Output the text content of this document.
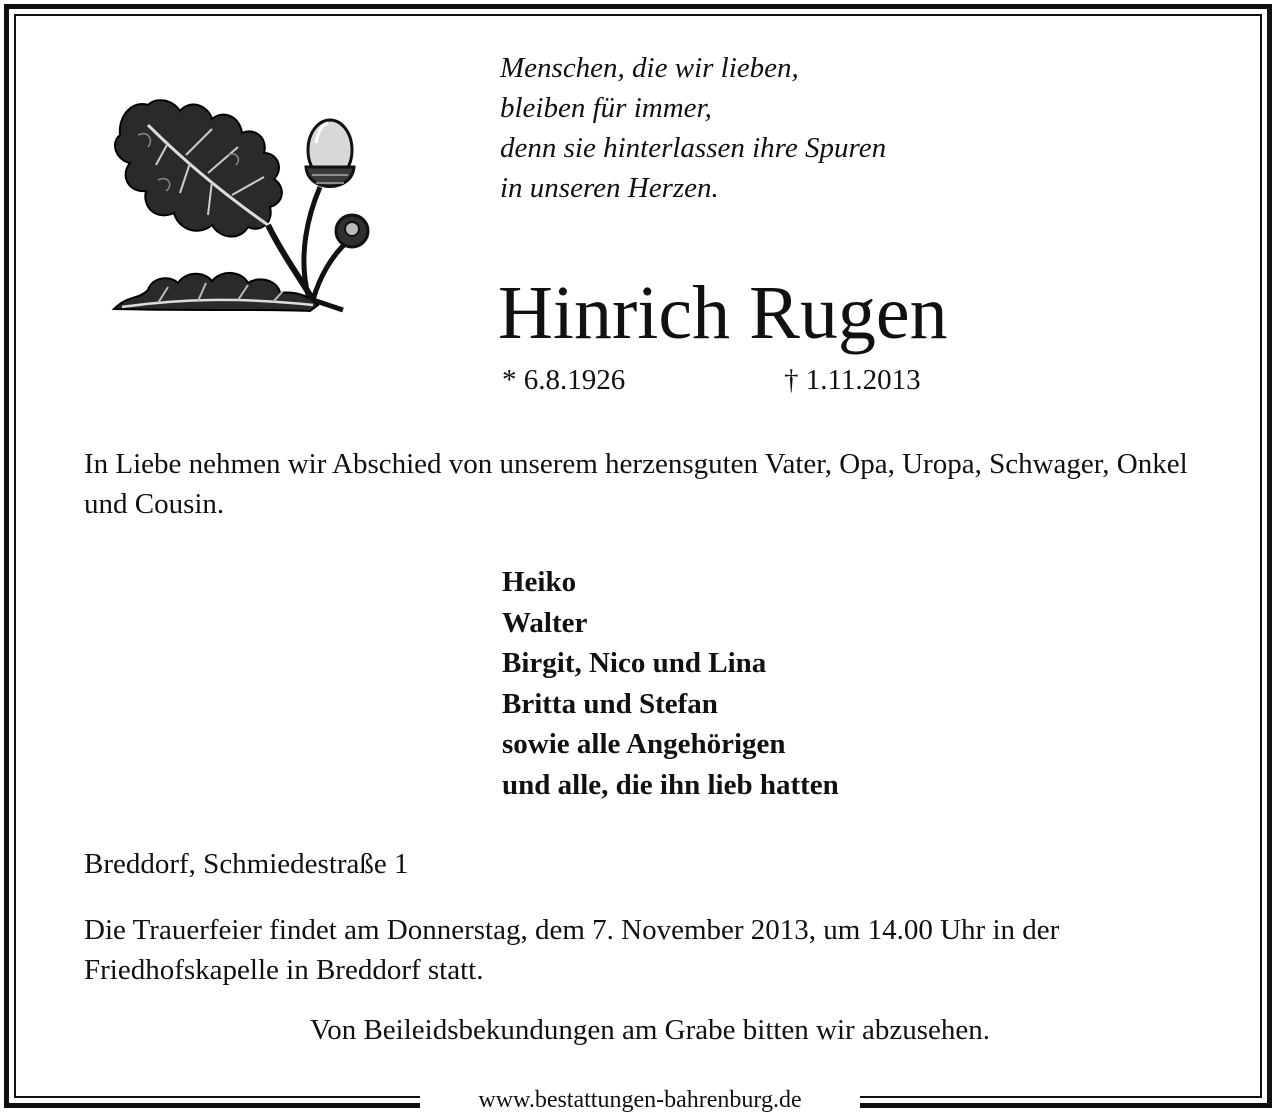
www.bestattungen-bahrenburg.de
Menschen, die wir lieben,
bleiben für immer,
denn sie hinterlassen ihre Spuren
in unseren Herzen.
Hinrich Rugen
* 6.8.1926	† 1.11.2013
In Liebe nehmen wir Abschied von unserem herzensguten Vater, Opa, Uropa, Schwager, Onkel und Cousin.
Heiko
Walter
Birgit, Nico und Lina
Britta und Stefan
sowie alle Angehörigen
und alle, die ihn lieb hatten
Breddorf, Schmiedestraße 1
Die Trauerfeier findet am Donnerstag, dem 7. November 2013, um 14.00 Uhr in der Friedhofskapelle in Breddorf statt.
Von Beileidsbekundungen am Grabe bitten wir abzusehen.
